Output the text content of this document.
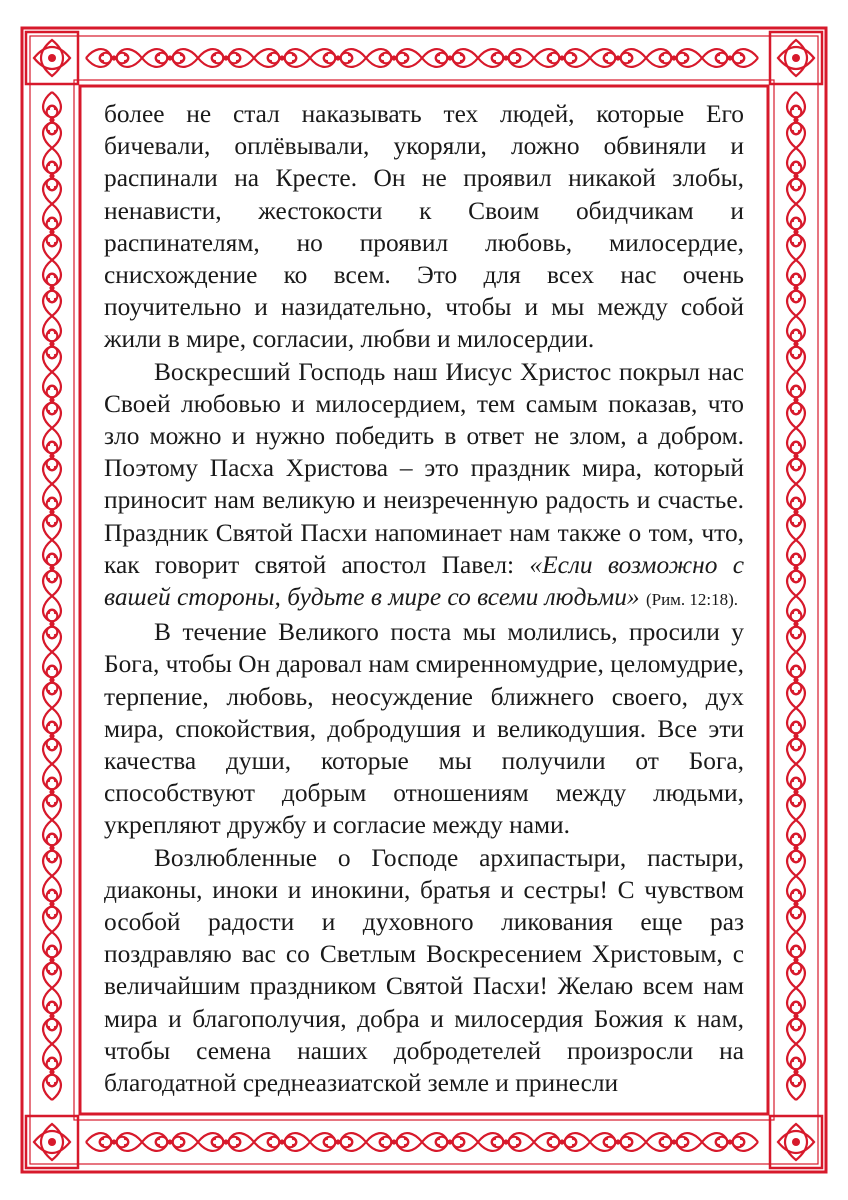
более не стал наказывать тех людей, которые Его бичевали, оплёвывали, укоряли, ложно обвиняли и распинали на Кресте. Он не проявил никакой злобы, ненависти, жестокости к Своим обидчикам и распинателям, но проявил любовь, милосердие, снисхождение ко всем. Это для всех нас очень поучительно и назидательно, чтобы и мы между собой жили в мире, согласии, любви и милосердии.

Воскресший Господь наш Иисус Христос покрыл нас Своей любовью и милосердием, тем самым показав, что зло можно и нужно победить в ответ не злом, а добром. Поэтому Пасха Христова – это праздник мира, который приносит нам великую и неизреченную радость и счастье. Праздник Святой Пасхи напоминает нам также о том, что, как говорит святой апостол Павел: «Если возможно с вашей стороны, будьте в мире со всеми людьми» (Рим. 12:18).

В течение Великого поста мы молились, просили у Бога, чтобы Он даровал нам смиренномудрие, целомудрие, терпение, любовь, неосуждение ближнего своего, дух мира, спокойствия, добродушия и великодушия. Все эти качества души, которые мы получили от Бога, способствуют добрым отношениям между людьми, укрепляют дружбу и согласие между нами.

Возлюбленные о Господе архипастыри, пастыри, диаконы, иноки и инокини, братья и сестры! С чувством особой радости и духовного ликования еще раз поздравляю вас со Светлым Воскресением Христовым, с величайшим праздником Святой Пасхи! Желаю всем нам мира и благополучия, добра и милосердия Божия к нам, чтобы семена наших добродетелей произросли на благодатной среднеазиатской земле и принесли
